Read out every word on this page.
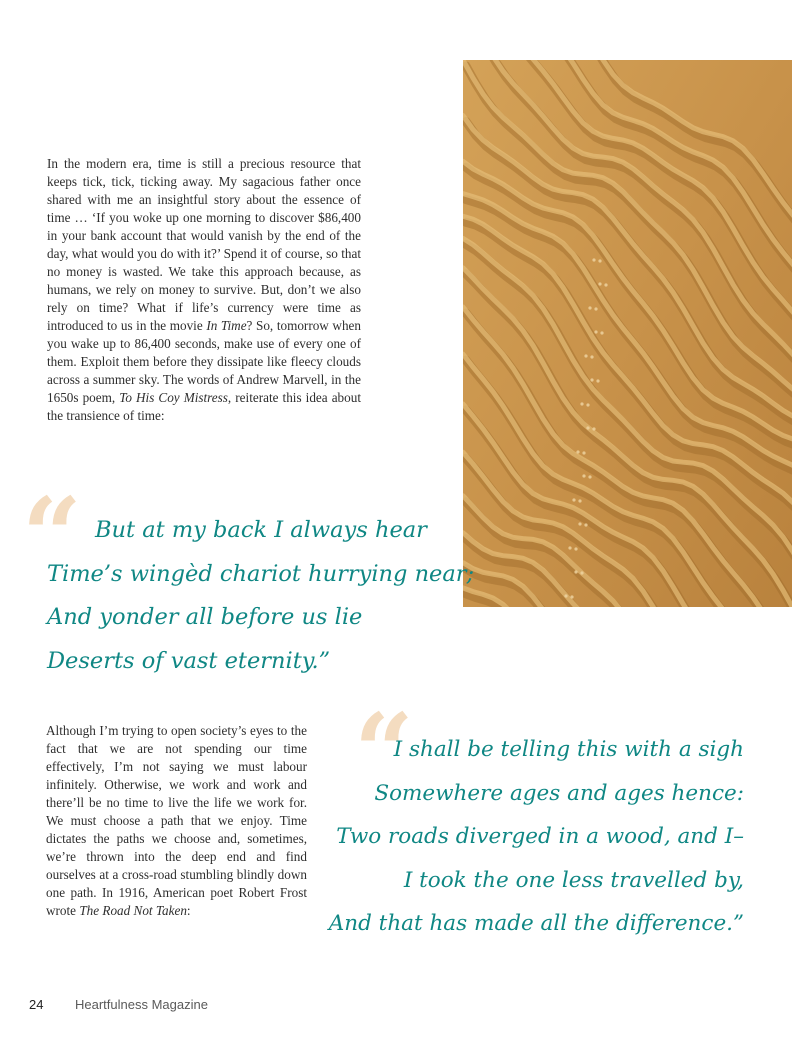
In the modern era, time is still a precious resource that keeps tick, tick, ticking away. My sagacious father once shared with me an insightful story about the essence of time … ‘If you woke up one morning to discover $86,400 in your bank account that would vanish by the end of the day, what would you do with it?’ Spend it of course, so that no money is wasted. We take this approach because, as humans, we rely on money to survive. But, don’t we also rely on time? What if life’s currency were time as introduced to us in the movie In Time? So, tomorrow when you wake up to 86,400 seconds, make use of every one of them. Exploit them before they dissipate like fleecy clouds across a summer sky. The words of Andrew Marvell, in the 1650s poem, To His Coy Mistress, reiterate this idea about the transience of time:

“ But at my back I always hear
Time’s wingèd chariot hurrying near;
And yonder all before us lie
Deserts of vast eternity.”

Although I’m trying to open society’s eyes to the fact that we are not spending our time effectively, I’m not saying we must labour infinitely. Otherwise, we work and work and there’ll be no time to live the life we work for. We must choose a path that we enjoy. Time dictates the paths we choose and, sometimes, we’re thrown into the deep end and find ourselves at a cross-road stumbling blindly down one path. In 1916, American poet Robert Frost wrote The Road Not Taken:

“
I shall be telling this with a sigh
Somewhere ages and ages hence:
Two roads diverged in a wood, and I–
I took the one less travelled by,
And that has made all the difference.”
24 Heartfulness Magazine
